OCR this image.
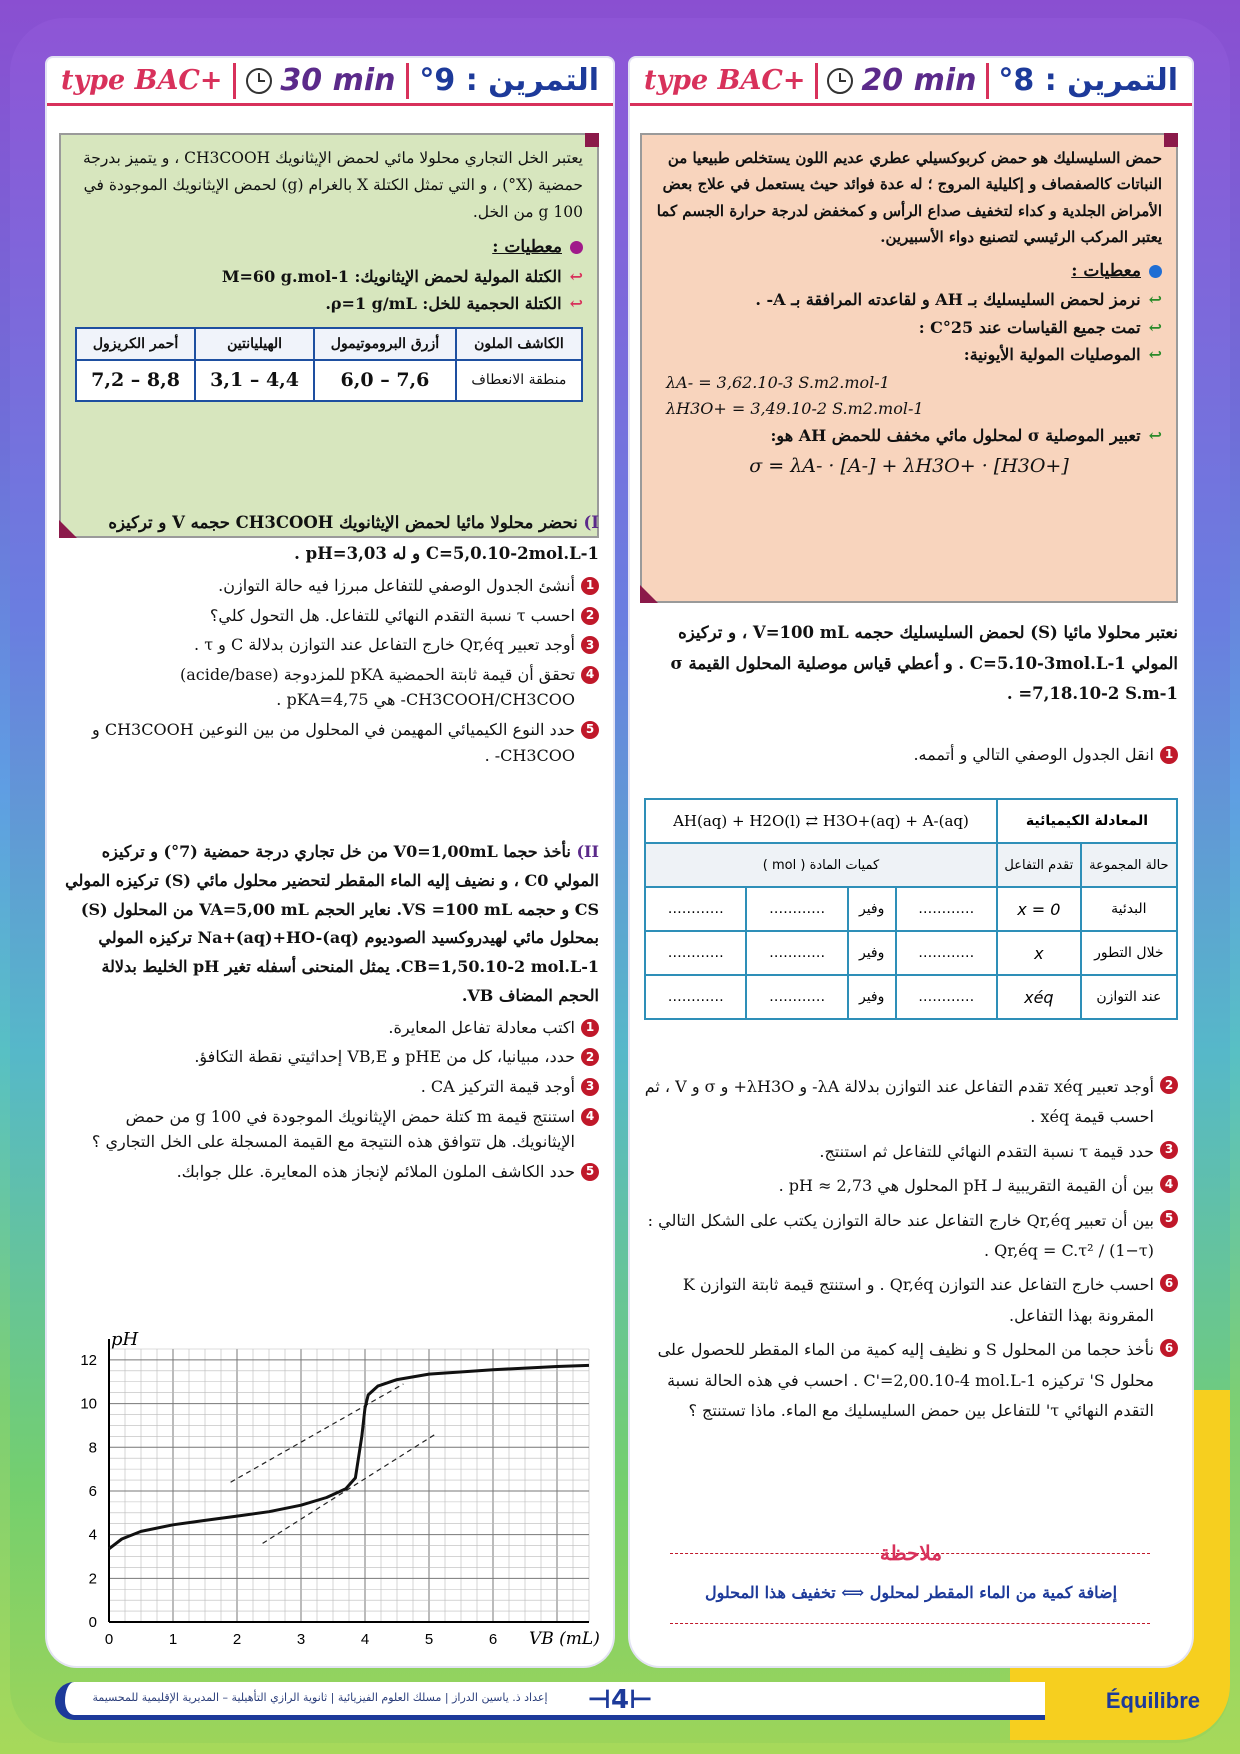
type BAC+ 20 min التمرين : 8°
حمض السليسليك هو حمض كربوكسيلي عطري عديم اللون يستخلص طبيعيا من النباتات كالصفصاف و إكليلية المروج ؛ له عدة فوائد حيث يستعمل في علاج بعض الأمراض الجلدية و كداء لتخفيف صداع الرأس و كمخفض لدرجة حرارة الجسم كما يعتبر المركب الرئيسي لتصنيع دواء الأسبيرين.
معطيات :
↩
نرمز لحمض السليسليك بـ AH و لقاعدته المرافقة بـ A- .
↩
تمت جميع القياسات عند 25°C :
↩
الموصليات المولية الأيونية:
λA- = 3,62.10-3 S.m2.mol-1
λH3O+ = 3,49.10-2 S.m2.mol-1
↩
تعبير الموصلية σ لمحلول مائي مخفف للحمض AH هو:
σ = λA- · [A-] + λH3O+ · [H3O+]
نعتبر محلولا مائيا (S) لحمض السليسليك حجمه V=100 mL ، و تركيزه المولي C=5.10-3mol.L-1 . و أعطي قياس موصلية المحلول القيمة σ =7,18.10-2 S.m-1 .
1
انقل الجدول الوصفي التالي و أتممه.
المعادلة الكيميائية		AH(aq) + H2O(l) ⇄ H3O+(aq) + A-(aq)			
حالة المجموعة	تقدم التفاعل	كميات المادة ( mol )			
البدئية	x = 0	…………	وفير	…………	…………
خلال التطور	x	…………	وفير	…………	…………
عند التوازن	xéq	…………	وفير	…………	…………
2
أوجد تعبير xéq تقدم التفاعل عند التوازن بدلالة λA- و λH3O+ و σ و V ، ثم احسب قيمة xéq .
3
حدد قيمة τ نسبة التقدم النهائي للتفاعل ثم استنتج.
4
بين أن القيمة التقريبية لـ pH المحلول هي pH ≈ 2,73 .
5
بين أن تعبير Qr,éq خارج التفاعل عند حالة التوازن يكتب على الشكل التالي : Qr,éq = C.τ² / (1−τ) .
6
احسب خارج التفاعل عند التوازن Qr,éq . و استنتج قيمة ثابتة التوازن K المقرونة بهذا التفاعل.
6
نأخذ حجما من المحلول S و نظيف إليه كمية من الماء المقطر للحصول على محلول S' تركيزه C'=2,00.10-4 mol.L-1 . احسب في هذه الحالة نسبة التقدم النهائي τ' للتفاعل بين حمض السليسليك مع الماء. ماذا تستنتج ؟
ملاحظة
إضافة كمية من الماء المقطر لمحلول ⟺ تخفيف هذا المحلول
type BAC+ 30 min التمرين : 9°
يعتبر الخل التجاري محلولا مائي لحمض الإيثانويك CH3COOH ، و يتميز بدرجة حمضية (X°) ، و التي تمثل الكتلة X بالغرام (g) لحمض الإيثانويك الموجودة في 100 g من الخل.
معطيات :
↩
الكتلة المولية لحمض الإيثانويك: M=60 g.mol-1
↩
الكتلة الحجمية للخل: ρ=1 g/mL.
الكاشف الملون	أزرق البروموتيمول	الهيليانتين	أحمر الكريزول
منطقة الانعطاف	6,0 – 7,6	3,1 – 4,4	7,2 – 8,8
I) نحضر محلولا مائيا لحمض الإيثانويك CH3COOH حجمه V و تركيزه C=5,0.10-2mol.L-1 و له pH=3,03 .
1
أنشئ الجدول الوصفي للتفاعل مبرزا فيه حالة التوازن.
2
احسب τ نسبة التقدم النهائي للتفاعل. هل التحول كلي؟
3
أوجد تعبير Qr,éq خارج التفاعل عند التوازن بدلالة C و τ .
4
تحقق أن قيمة ثابتة الحمضية pKA للمزدوجة (acide/base) CH3COOH/CH3COO- هي pKA=4,75 .
5
حدد النوع الكيميائي المهيمن في المحلول من بين النوعين CH3COOH و CH3COO- .
II) نأخذ حجما V0=1,00mL من خل تجاري درجة حمضية (7°) و تركيزه المولي C0 ، و نضيف إليه الماء المقطر لتحضير محلول مائي (S) تركيزه المولي CS و حجمه VS =100 mL. نعاير الحجم VA=5,00 mL من المحلول (S) بمحلول مائي لهيدروكسيد الصوديوم Na+(aq)+HO-(aq) تركيزه المولي CB=1,50.10-2 mol.L-1. يمثل المنحنى أسفله تغير pH الخليط بدلالة الحجم المضاف VB.
1
اكتب معادلة تفاعل المعايرة.
2
حدد، مبيانيا، كل من pHE و VB,E إحداثيتي نقطة التكافؤ.
3
أوجد قيمة التركيز CA .
4
استنتج قيمة m كتلة حمض الإيثانويك الموجودة في 100 g من حمض الإيثانويك. هل تتوافق هذه النتيجة مع القيمة المسجلة على الخل التجاري ؟
5
حدد الكاشف الملون الملائم لإنجاز هذه المعايرة. علل جوابك.
0	1	2	3	4	5	6
0
2
4
6
8
10
12
pH
VB (mL)
إعداد ذ. ياسين الدراز | مسلك العلوم الفيزيائية | ثانوية الرازي التأهيلية – المديرية الإقليمية للمحسيمة	⊣ 4 ⊢	Équilibre
